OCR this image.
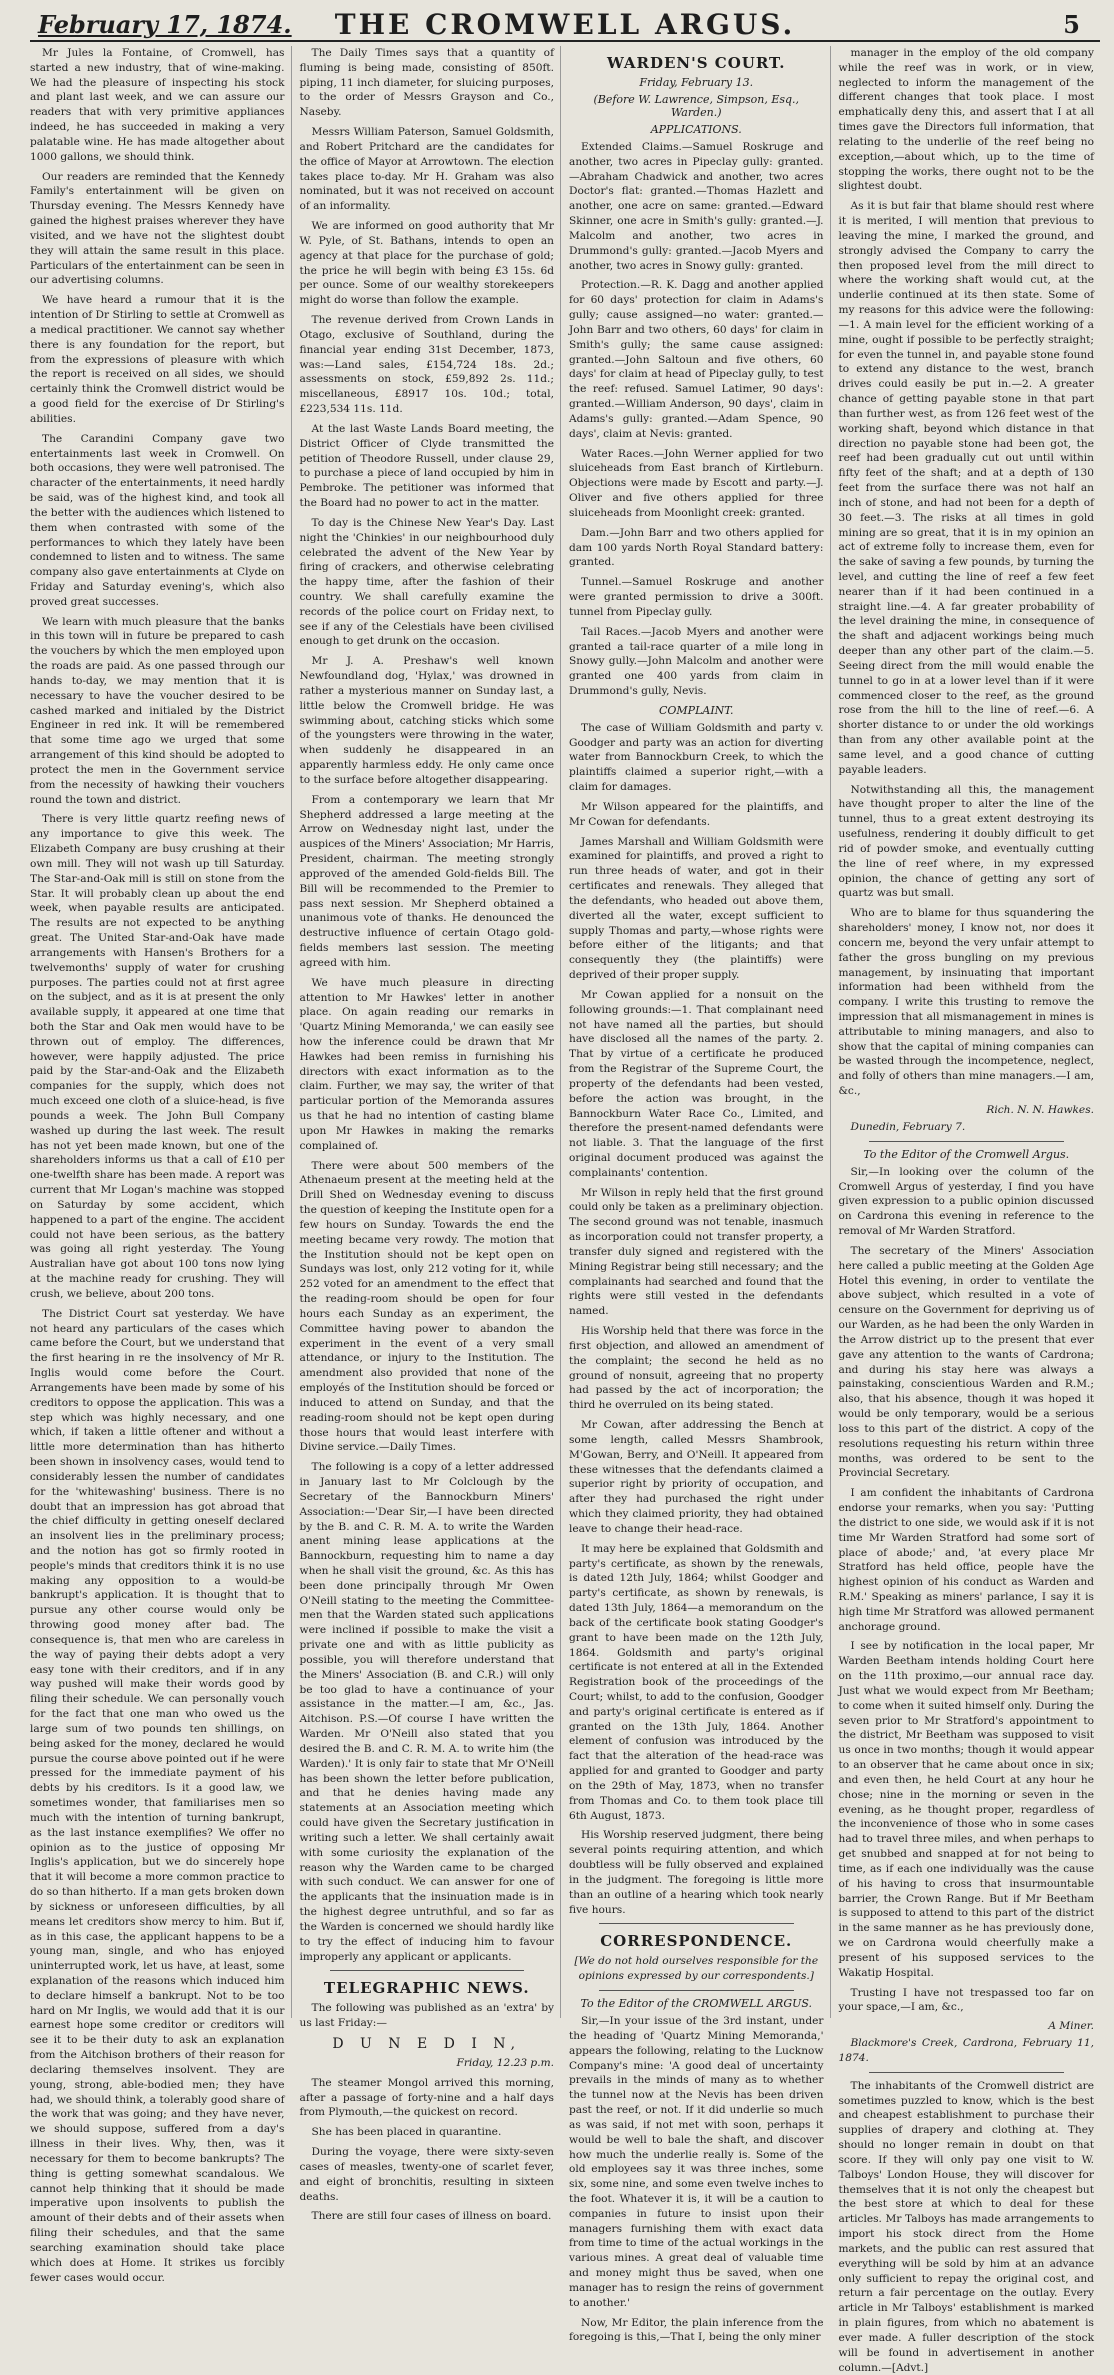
February 17, 1874.	THE CROMWELL ARGUS.	5

Mr Jules la Fontaine, of Cromwell, has started a new industry, that of wine-making. We had the pleasure of inspecting his stock and plant last week, and we can assure our readers that with very primitive appliances indeed, he has succeeded in making a very palatable wine. He has made altogether about 1000 gallons, we should think.

Our readers are reminded that the Kennedy Family's entertainment will be given on Thursday evening. The Messrs Kennedy have gained the highest praises wherever they have visited, and we have not the slightest doubt they will attain the same result in this place. Particulars of the entertainment can be seen in our advertising columns.

We have heard a rumour that it is the intention of Dr Stirling to settle at Cromwell as a medical practitioner. We cannot say whether there is any foundation for the report, but from the expressions of pleasure with which the report is received on all sides, we should certainly think the Cromwell district would be a good field for the exercise of Dr Stirling's abilities.

The Carandini Company gave two entertainments last week in Cromwell. On both occasions, they were well patronised. The character of the entertainments, it need hardly be said, was of the highest kind, and took all the better with the audiences which listened to them when contrasted with some of the performances to which they lately have been condemned to listen and to witness. The same company also gave entertainments at Clyde on Friday and Saturday evening's, which also proved great successes.

We learn with much pleasure that the banks in this town will in future be prepared to cash the vouchers by which the men employed upon the roads are paid. As one passed through our hands to-day, we may mention that it is necessary to have the voucher desired to be cashed marked and initialed by the District Engineer in red ink. It will be remembered that some time ago we urged that some arrangement of this kind should be adopted to protect the men in the Government service from the necessity of hawking their vouchers round the town and district.

There is very little quartz reefing news of any importance to give this week. The Elizabeth Company are busy crushing at their own mill. They will not wash up till Saturday. The Star-and-Oak mill is still on stone from the Star. It will probably clean up about the end week, when payable results are anticipated. The results are not expected to be anything great. The United Star-and-Oak have made arrangements with Hansen's Brothers for a twelvemonths' supply of water for crushing purposes. The parties could not at first agree on the subject, and as it is at present the only available supply, it appeared at one time that both the Star and Oak men would have to be thrown out of employ. The differences, however, were happily adjusted. The price paid by the Star-and-Oak and the Elizabeth companies for the supply, which does not much exceed one cloth of a sluice-head, is five pounds a week. The John Bull Company washed up during the last week. The result has not yet been made known, but one of the shareholders informs us that a call of £10 per one-twelfth share has been made. A report was current that Mr Logan's machine was stopped on Saturday by some accident, which happened to a part of the engine. The accident could not have been serious, as the battery was going all right yesterday. The Young Australian have got about 100 tons now lying at the machine ready for crushing. They will crush, we believe, about 200 tons.

The District Court sat yesterday. We have not heard any particulars of the cases which came before the Court, but we understand that the first hearing in re the insolvency of Mr R. Inglis would come before the Court. Arrangements have been made by some of his creditors to oppose the application. This was a step which was highly necessary, and one which, if taken a little oftener and without a little more determination than has hitherto been shown in insolvency cases, would tend to considerably lessen the number of candidates for the 'whitewashing' business. There is no doubt that an impression has got abroad that the chief difficulty in getting oneself declared an insolvent lies in the preliminary process; and the notion has got so firmly rooted in people's minds that creditors think it is no use making any opposition to a would-be bankrupt's application. It is thought that to pursue any other course would only be throwing good money after bad. The consequence is, that men who are careless in the way of paying their debts adopt a very easy tone with their creditors, and if in any way pushed will make their words good by filing their schedule. We can personally vouch for the fact that one man who owed us the large sum of two pounds ten shillings, on being asked for the money, declared he would pursue the course above pointed out if he were pressed for the immediate payment of his debts by his creditors. Is it a good law, we sometimes wonder, that familiarises men so much with the intention of turning bankrupt, as the last instance exemplifies? We offer no opinion as to the justice of opposing Mr Inglis's application, but we do sincerely hope that it will become a more common practice to do so than hitherto. If a man gets broken down by sickness or unforeseen difficulties, by all means let creditors show mercy to him. But if, as in this case, the applicant happens to be a young man, single, and who has enjoyed uninterrupted work, let us have, at least, some explanation of the reasons which induced him to declare himself a bankrupt. Not to be too hard on Mr Inglis, we would add that it is our earnest hope some creditor or creditors will see it to be their duty to ask an explanation from the Aitchison brothers of their reason for declaring themselves insolvent. They are young, strong, able-bodied men; they have had, we should think, a tolerably good share of the work that was going; and they have never, we should suppose, suffered from a day's illness in their lives. Why, then, was it necessary for them to become bankrupts? The thing is getting somewhat scandalous. We cannot help thinking that it should be made imperative upon insolvents to publish the amount of their debts and of their assets when filing their schedules, and that the same searching examination should take place which does at Home. It strikes us forcibly fewer cases would occur.

The Daily Times says that a quantity of fluming is being made, consisting of 850ft. piping, 11 inch diameter, for sluicing purposes, to the order of Messrs Grayson and Co., Naseby.

Messrs William Paterson, Samuel Goldsmith, and Robert Pritchard are the candidates for the office of Mayor at Arrowtown. The election takes place to-day. Mr H. Graham was also nominated, but it was not received on account of an informality.

We are informed on good authority that Mr W. Pyle, of St. Bathans, intends to open an agency at that place for the purchase of gold; the price he will begin with being £3 15s. 6d per ounce. Some of our wealthy storekeepers might do worse than follow the example.

The revenue derived from Crown Lands in Otago, exclusive of Southland, during the financial year ending 31st December, 1873, was:—Land sales, £154,724 18s. 2d.; assessments on stock, £59,892 2s. 11d.; miscellaneous, £8917 10s. 10d.; total, £223,534 11s. 11d.

At the last Waste Lands Board meeting, the District Officer of Clyde transmitted the petition of Theodore Russell, under clause 29, to purchase a piece of land occupied by him in Pembroke. The petitioner was informed that the Board had no power to act in the matter.

To day is the Chinese New Year's Day. Last night the 'Chinkies' in our neighbourhood duly celebrated the advent of the New Year by firing of crackers, and otherwise celebrating the happy time, after the fashion of their country. We shall carefully examine the records of the police court on Friday next, to see if any of the Celestials have been civilised enough to get drunk on the occasion.

Mr J. A. Preshaw's well known Newfoundland dog, 'Hylax,' was drowned in rather a mysterious manner on Sunday last, a little below the Cromwell bridge. He was swimming about, catching sticks which some of the youngsters were throwing in the water, when suddenly he disappeared in an apparently harmless eddy. He only came once to the surface before altogether disappearing.

From a contemporary we learn that Mr Shepherd addressed a large meeting at the Arrow on Wednesday night last, under the auspices of the Miners' Association; Mr Harris, President, chairman. The meeting strongly approved of the amended Gold-fields Bill. The Bill will be recommended to the Premier to pass next session. Mr Shepherd obtained a unanimous vote of thanks. He denounced the destructive influence of certain Otago gold-fields members last session. The meeting agreed with him.

We have much pleasure in directing attention to Mr Hawkes' letter in another place. On again reading our remarks in 'Quartz Mining Memoranda,' we can easily see how the inference could be drawn that Mr Hawkes had been remiss in furnishing his directors with exact information as to the claim. Further, we may say, the writer of that particular portion of the Memoranda assures us that he had no intention of casting blame upon Mr Hawkes in making the remarks complained of.

There were about 500 members of the Athenaeum present at the meeting held at the Drill Shed on Wednesday evening to discuss the question of keeping the Institute open for a few hours on Sunday. Towards the end the meeting became very rowdy. The motion that the Institution should not be kept open on Sundays was lost, only 212 voting for it, while 252 voted for an amendment to the effect that the reading-room should be open for four hours each Sunday as an experiment, the Committee having power to abandon the experiment in the event of a very small attendance, or injury to the Institution. The amendment also provided that none of the employés of the Institution should be forced or induced to attend on Sunday, and that the reading-room should not be kept open during those hours that would least interfere with Divine service.—Daily Times.

The following is a copy of a letter addressed in January last to Mr Colclough by the Secretary of the Bannockburn Miners' Association:—'Dear Sir,—I have been directed by the B. and C. R. M. A. to write the Warden anent mining lease applications at the Bannockburn, requesting him to name a day when he shall visit the ground, &c. As this has been done principally through Mr Owen O'Neill stating to the meeting the Committee-men that the Warden stated such applications were inclined if possible to make the visit a private one and with as little publicity as possible, you will therefore understand that the Miners' Association (B. and C.R.) will only be too glad to have a continuance of your assistance in the matter.—I am, &c., Jas. Aitchison. P.S.—Of course I have written the Warden. Mr O'Neill also stated that you desired the B. and C. R. M. A. to write him (the Warden).' It is only fair to state that Mr O'Neill has been shown the letter before publication, and that he denies having made any statements at an Association meeting which could have given the Secretary justification in writing such a letter. We shall certainly await with some curiosity the explanation of the reason why the Warden came to be charged with such conduct. We can answer for one of the applicants that the insinuation made is in the highest degree untruthful, and so far as the Warden is concerned we should hardly like to try the effect of inducing him to favour improperly any applicant or applicants.

TELEGRAPHIC NEWS.

The following was published as an 'extra' by us last Friday:—

D U N E D I N,

Friday, 12.23 p.m.

The steamer Mongol arrived this morning, after a passage of forty-nine and a half days from Plymouth,—the quickest on record.

She has been placed in quarantine.

During the voyage, there were sixty-seven cases of measles, twenty-one of scarlet fever, and eight of bronchitis, resulting in sixteen deaths.

There are still four cases of illness on board.

WARDEN'S COURT.
Friday, February 13.
(Before W. Lawrence, Simpson, Esq., Warden.)
APPLICATIONS.

Extended Claims.—Samuel Roskruge and another, two acres in Pipeclay gully: granted.—Abraham Chadwick and another, two acres Doctor's flat: granted.—Thomas Hazlett and another, one acre on same: granted.—Edward Skinner, one acre in Smith's gully: granted.—J. Malcolm and another, two acres in Drummond's gully: granted.—Jacob Myers and another, two acres in Snowy gully: granted.

Protection.—R. K. Dagg and another applied for 60 days' protection for claim in Adams's gully; cause assigned—no water: granted.—John Barr and two others, 60 days' for claim in Smith's gully; the same cause assigned: granted.—John Saltoun and five others, 60 days' for claim at head of Pipeclay gully, to test the reef: refused. Samuel Latimer, 90 days': granted.—William Anderson, 90 days', claim in Adams's gully: granted.—Adam Spence, 90 days', claim at Nevis: granted.

Water Races.—John Werner applied for two sluiceheads from East branch of Kirtleburn. Objections were made by Escott and party.—J. Oliver and five others applied for three sluiceheads from Moonlight creek: granted.

Dam.—John Barr and two others applied for dam 100 yards North Royal Standard battery: granted.

Tunnel.—Samuel Roskruge and another were granted permission to drive a 300ft. tunnel from Pipeclay gully.

Tail Races.—Jacob Myers and another were granted a tail-race quarter of a mile long in Snowy gully.—John Malcolm and another were granted one 400 yards from claim in Drummond's gully, Nevis.

COMPLAINT.

The case of William Goldsmith and party v. Goodger and party was an action for diverting water from Bannockburn Creek, to which the plaintiffs claimed a superior right,—with a claim for damages.

Mr Wilson appeared for the plaintiffs, and Mr Cowan for defendants.

James Marshall and William Goldsmith were examined for plaintiffs, and proved a right to run three heads of water, and got in their certificates and renewals. They alleged that the defendants, who headed out above them, diverted all the water, except sufficient to supply Thomas and party,—whose rights were before either of the litigants; and that consequently they (the plaintiffs) were deprived of their proper supply.

Mr Cowan applied for a nonsuit on the following grounds:—1. That complainant need not have named all the parties, but should have disclosed all the names of the party. 2. That by virtue of a certificate he produced from the Registrar of the Supreme Court, the property of the defendants had been vested, before the action was brought, in the Bannockburn Water Race Co., Limited, and therefore the present-named defendants were not liable. 3. That the language of the first original document produced was against the complainants' contention.

Mr Wilson in reply held that the first ground could only be taken as a preliminary objection. The second ground was not tenable, inasmuch as incorporation could not transfer property, a transfer duly signed and registered with the Mining Registrar being still necessary; and the complainants had searched and found that the rights were still vested in the defendants named.

His Worship held that there was force in the first objection, and allowed an amendment of the complaint; the second he held as no ground of nonsuit, agreeing that no property had passed by the act of incorporation; the third he overruled on its being stated.

Mr Cowan, after addressing the Bench at some length, called Messrs Shambrook, M'Gowan, Berry, and O'Neill. It appeared from these witnesses that the defendants claimed a superior right by priority of occupation, and after they had purchased the right under which they claimed priority, they had obtained leave to change their head-race.

It may here be explained that Goldsmith and party's certificate, as shown by the renewals, is dated 12th July, 1864; whilst Goodger and party's certificate, as shown by renewals, is dated 13th July, 1864—a memorandum on the back of the certificate book stating Goodger's grant to have been made on the 12th July, 1864. Goldsmith and party's original certificate is not entered at all in the Extended Registration book of the proceedings of the Court; whilst, to add to the confusion, Goodger and party's original certificate is entered as if granted on the 13th July, 1864. Another element of confusion was introduced by the fact that the alteration of the head-race was applied for and granted to Goodger and party on the 29th of May, 1873, when no transfer from Thomas and Co. to them took place till 6th August, 1873.

His Worship reserved judgment, there being several points requiring attention, and which doubtless will be fully observed and explained in the judgment. The foregoing is little more than an outline of a hearing which took nearly five hours.

CORRESPONDENCE.

[We do not hold ourselves responsible for the opinions expressed by our correspondents.]

To the Editor of the CROMWELL ARGUS.

Sir,—In your issue of the 3rd instant, under the heading of 'Quartz Mining Memoranda,' appears the following, relating to the Lucknow Company's mine: 'A good deal of uncertainty prevails in the minds of many as to whether the tunnel now at the Nevis has been driven past the reef, or not. If it did underlie so much as was said, if not met with soon, perhaps it would be well to bale the shaft, and discover how much the underlie really is. Some of the old employees say it was three inches, some six, some nine, and some even twelve inches to the foot. Whatever it is, it will be a caution to companies in future to insist upon their managers furnishing them with exact data from time to time of the actual workings in the various mines. A great deal of valuable time and money might thus be saved, when one manager has to resign the reins of government to another.'

Now, Mr Editor, the plain inference from the foregoing is this,—That I, being the only miner

manager in the employ of the old company while the reef was in work, or in view, neglected to inform the management of the different changes that took place. I most emphatically deny this, and assert that I at all times gave the Directors full information, that relating to the underlie of the reef being no exception,—about which, up to the time of stopping the works, there ought not to be the slightest doubt.

As it is but fair that blame should rest where it is merited, I will mention that previous to leaving the mine, I marked the ground, and strongly advised the Company to carry the then proposed level from the mill direct to where the working shaft would cut, at the underlie continued at its then state. Some of my reasons for this advice were the following:—1. A main level for the efficient working of a mine, ought if possible to be perfectly straight; for even the tunnel in, and payable stone found to extend any distance to the west, branch drives could easily be put in.—2. A greater chance of getting payable stone in that part than further west, as from 126 feet west of the working shaft, beyond which distance in that direction no payable stone had been got, the reef had been gradually cut out until within fifty feet of the shaft; and at a depth of 130 feet from the surface there was not half an inch of stone, and had not been for a depth of 30 feet.—3. The risks at all times in gold mining are so great, that it is in my opinion an act of extreme folly to increase them, even for the sake of saving a few pounds, by turning the level, and cutting the line of reef a few feet nearer than if it had been continued in a straight line.—4. A far greater probability of the level draining the mine, in consequence of the shaft and adjacent workings being much deeper than any other part of the claim.—5. Seeing direct from the mill would enable the tunnel to go in at a lower level than if it were commenced closer to the reef, as the ground rose from the hill to the line of reef.—6. A shorter distance to or under the old workings than from any other available point at the same level, and a good chance of cutting payable leaders.

Notwithstanding all this, the management have thought proper to alter the line of the tunnel, thus to a great extent destroying its usefulness, rendering it doubly difficult to get rid of powder smoke, and eventually cutting the line of reef where, in my expressed opinion, the chance of getting any sort of quartz was but small.

Who are to blame for thus squandering the shareholders' money, I know not, nor does it concern me, beyond the very unfair attempt to father the gross bungling on my previous management, by insinuating that important information had been withheld from the company. I write this trusting to remove the impression that all mismanagement in mines is attributable to mining managers, and also to show that the capital of mining companies can be wasted through the incompetence, neglect, and folly of others than mine managers.—I am, &c.,

Rich. N. N. Hawkes.

Dunedin, February 7.

To the Editor of the Cromwell Argus.

Sir,—In looking over the column of the Cromwell Argus of yesterday, I find you have given expression to a public opinion discussed on Cardrona this evening in reference to the removal of Mr Warden Stratford.

The secretary of the Miners' Association here called a public meeting at the Golden Age Hotel this evening, in order to ventilate the above subject, which resulted in a vote of censure on the Government for depriving us of our Warden, as he had been the only Warden in the Arrow district up to the present that ever gave any attention to the wants of Cardrona; and during his stay here was always a painstaking, conscientious Warden and R.M.; also, that his absence, though it was hoped it would be only temporary, would be a serious loss to this part of the district. A copy of the resolutions requesting his return within three months, was ordered to be sent to the Provincial Secretary.

I am confident the inhabitants of Cardrona endorse your remarks, when you say: 'Putting the district to one side, we would ask if it is not time Mr Warden Stratford had some sort of place of abode;' and, 'at every place Mr Stratford has held office, people have the highest opinion of his conduct as Warden and R.M.' Speaking as miners' parlance, I say it is high time Mr Stratford was allowed permanent anchorage ground.

I see by notification in the local paper, Mr Warden Beetham intends holding Court here on the 11th proximo,—our annual race day. Just what we would expect from Mr Beetham; to come when it suited himself only. During the seven prior to Mr Stratford's appointment to the district, Mr Beetham was supposed to visit us once in two months; though it would appear to an observer that he came about once in six; and even then, he held Court at any hour he chose; nine in the morning or seven in the evening, as he thought proper, regardless of the inconvenience of those who in some cases had to travel three miles, and when perhaps to get snubbed and snapped at for not being to time, as if each one individually was the cause of his having to cross that insurmountable barrier, the Crown Range. But if Mr Beetham is supposed to attend to this part of the district in the same manner as he has previously done, we on Cardrona would cheerfully make a present of his supposed services to the Wakatip Hospital.

Trusting I have not trespassed too far on your space,—I am, &c.,

A Miner.

Blackmore's Creek, Cardrona, February 11, 1874.

The inhabitants of the Cromwell district are sometimes puzzled to know, which is the best and cheapest establishment to purchase their supplies of drapery and clothing at. They should no longer remain in doubt on that score. If they will only pay one visit to W. Talboys' London House, they will discover for themselves that it is not only the cheapest but the best store at which to deal for these articles. Mr Talboys has made arrangements to import his stock direct from the Home markets, and the public can rest assured that everything will be sold by him at an advance only sufficient to repay the original cost, and return a fair percentage on the outlay. Every article in Mr Talboys' establishment is marked in plain figures, from which no abatement is ever made. A fuller description of the stock will be found in advertisement in another column.—[Advt.]
